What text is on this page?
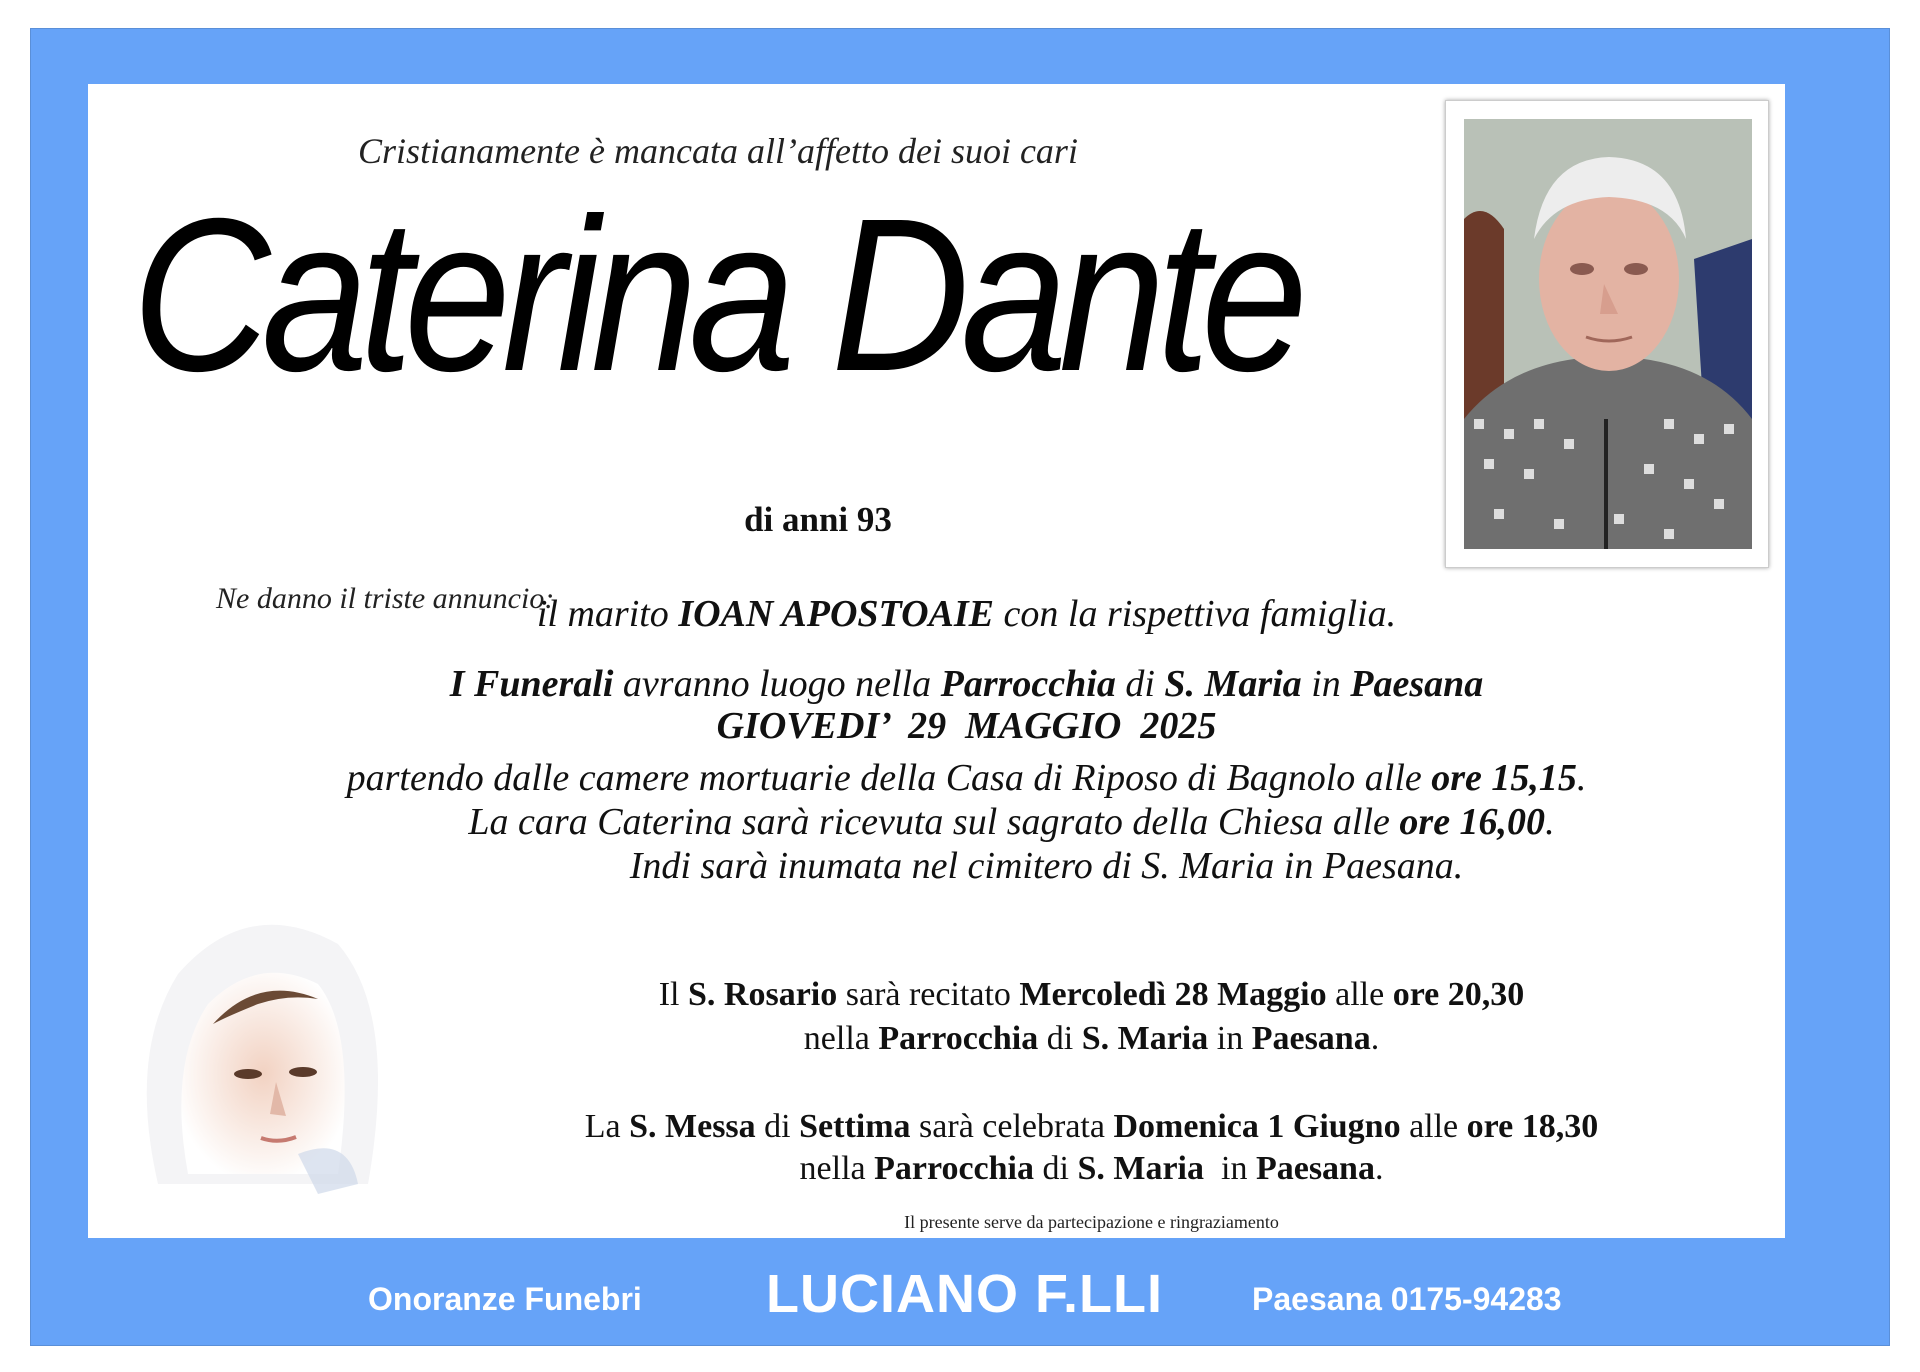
Cristianamente è mancata all’affetto dei suoi cari
Caterina Dante
di anni 93
Ne danno il triste annuncio:
il marito IOAN APOSTOAIE con la rispettiva famiglia.
I Funerali avranno luogo nella Parrocchia di S. Maria in Paesana
GIOVEDI’  29  MAGGIO  2025
partendo dalle camere mortuarie della Casa di Riposo di Bagnolo alle ore 15,15.
La cara Caterina sarà ricevuta sul sagrato della Chiesa alle ore 16,00.
Indi sarà inumata nel cimitero di S. Maria in Paesana.
Il S. Rosario sarà recitato Mercoledì 28 Maggio alle ore 20,30
nella Parrocchia di S. Maria in Paesana.
La S. Messa di Settima sarà celebrata Domenica 1 Giugno alle ore 18,30
nella Parrocchia di S. Maria  in Paesana.
Il presente serve da partecipazione e ringraziamento
Onoranze Funebri LUCIANO F.LLI	Paesana 0175-94283
